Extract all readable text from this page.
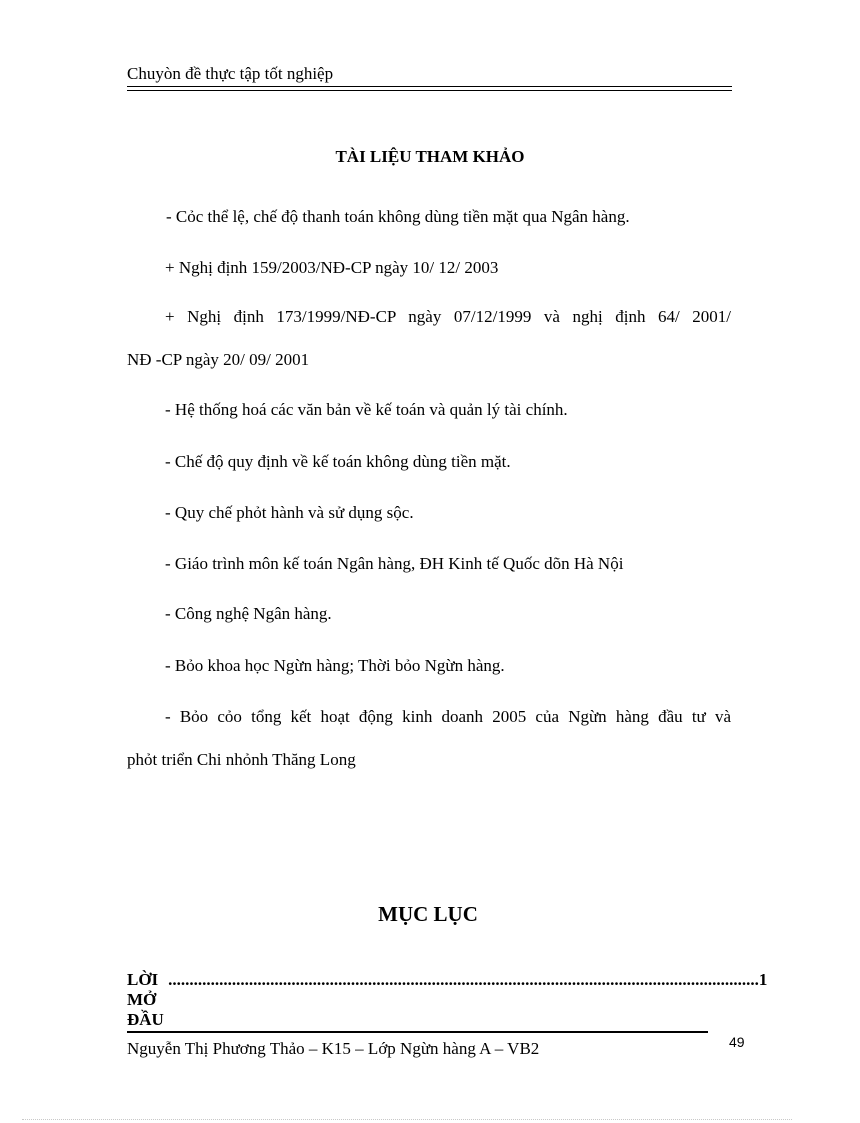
Chuyòn đề thực tập tốt nghiệp
TÀI LIỆU THAM KHẢO
- Cỏc thể lệ, chế độ thanh toán không dùng tiền mặt qua Ngân hàng.
+ Nghị định 159/2003/NĐ-CP ngày 10/ 12/ 2003
+ Nghị định 173/1999/NĐ-CP ngày 07/12/1999 và nghị định 64/ 2001/
NĐ -CP ngày 20/ 09/ 2001
- Hệ thống hoá các văn bản về kế toán và quản lý tài chính.
- Chế độ quy định về kế toán không dùng tiền mặt.
- Quy chế phỏt hành và sử dụng sộc.
- Giáo trình môn kế toán Ngân hàng, ĐH Kinh tế Quốc dõn Hà Nội
- Công nghệ Ngân hàng.
- Bỏo khoa học Ngừn hàng; Thời bỏo Ngừn hàng.
- Bỏo cỏo tổng kết hoạt động kinh doanh 2005 của Ngừn hàng đầu tư và
phỏt triển Chi nhỏnh Thăng Long
MỤC LỤC
LỜI MỞ ĐẦU
........................................................................................................................................... 1
Nguyễn Thị Phương Thảo – K15 – Lớp Ngừn hàng A – VB2	49
